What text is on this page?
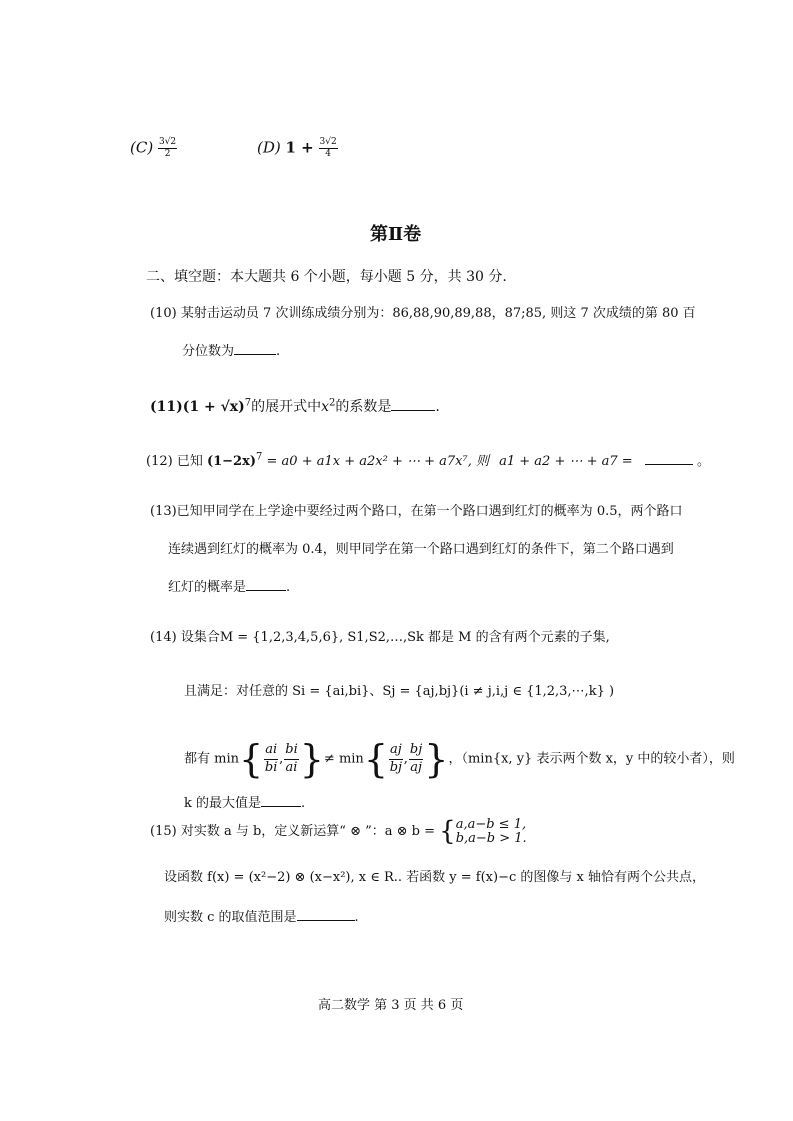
$(C) \frac{3√2}{2}$	(D) $1 + \frac{3√2}{4}$
第Ⅱ卷
二、填空题：本大题共 6 个小题，每小题 5 分，共 30 分.
(10) 某射击运动员 7 次训练成绩分别为：86,88,90,89,88，87;85, 则这 7 次成绩的第 80 百
分位数为	.
$(11)(1 + √x)^7$的展开式中$x^2$的系数是	.
(12) 已知 $(1-2x)^7 = a0 + a1x + a2x^2$ + ⋯ + a7x⁷, 则 a1 + a2 + ⋯ + a7 =	。
(13)已知甲同学在上学途中要经过两个路口，在第一个路口遇到红灯的概率为 0.5，两个路口
连续遇到红灯的概率为 0.4，则甲同学在第一个路口遇到红灯的条件下，第二个路口遇到
红灯的概率是	.
(14) 设集合M = {1,2,3,4,5,6}, S1,S2,…,Sk 都是 M 的含有两个元素的子集,
且满足：对任意的 Si = {ai,bi}、Sj = {aj,bj}(i ≠ j,i,j ∈ {1,2,3,⋯,k} )
都有 $\min\{ \frac{ai}{bi}$ , $\frac{bi}{ai}$ }≠ $\min\{ \frac{aj}{bj}$ , $\frac{bj}{aj}$ }，（min{x, y} 表示两个数 x，y 中的较小者），则
k 的最大值是	.
(15) 对实数 a 与 b，定义新运算“ ⊗ ”：a ⊗ b = { a,a−b ≤ 1,
b,a−b > 1.
设函数 f(x) = (x²−2) ⊗ (x−x²), x ∈ R.. 若函数 y = f(x)−c 的图像与 x 轴恰有两个公共点，
则实数 c 的取值范围是	.
高二数学 第 3 页 共 6 页
